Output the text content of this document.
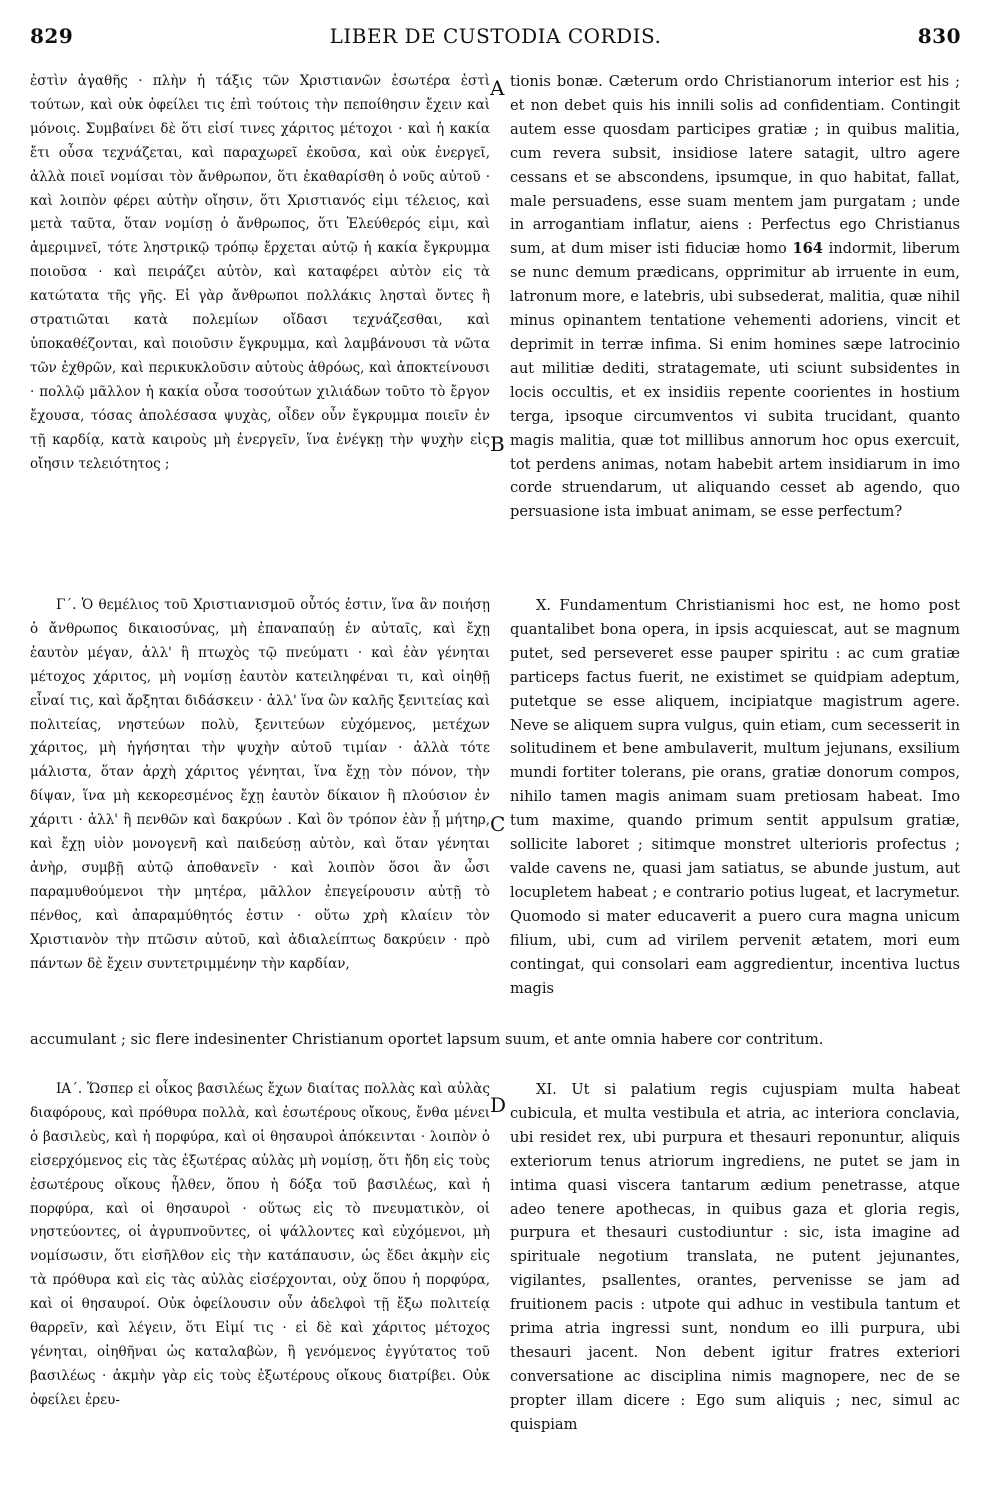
829	LIBER DE CUSTODIA CORDIS.	830
A
B
C
D

ἐστὶν ἀγαθῆς · πλὴν ἡ τάξις τῶν Χριστιανῶν ἐσωτέρα ἐστὶ τούτων, καὶ οὐκ ὀφείλει τις ἐπὶ τούτοις τὴν πεποίθησιν ἔχειν καὶ μόνοις. Συμβαίνει δὲ ὅτι εἰσί τινες χάριτος μέτοχοι · καὶ ἡ κακία ἔτι οὖσα τεχνάζεται, καὶ παραχωρεῖ ἐκοῦσα, καὶ οὐκ ἐνεργεῖ, ἀλλὰ ποιεῖ νομίσαι τὸν ἄνθρωπον, ὅτι ἐκαθαρίσθη ὁ νοῦς αὐτοῦ · καὶ λοιπὸν φέρει αὐτὴν οἴησιν, ὅτι Χριστιανός εἰμι τέλειος, καὶ μετὰ ταῦτα, ὅταν νομίσῃ ὁ ἄνθρωπος, ὅτι Ἐλεύθερός εἰμι, καὶ ἀμεριμνεῖ, τότε ληστρικῷ τρόπῳ ἔρχεται αὐτῷ ἡ κακία ἔγκρυμμα ποιοῦσα · καὶ πειράζει αὐτὸν, καὶ καταφέρει αὐτὸν εἰς τὰ κατώτατα τῆς γῆς. Εἰ γὰρ ἄνθρωποι πολλάκις λησταὶ ὄντες ἢ στρατιῶται κατὰ πολεμίων οἴδασι τεχνάζεσθαι, καὶ ὑποκαθέζονται, καὶ ποιοῦσιν ἔγκρυμμα, καὶ λαμβάνουσι τὰ νῶτα τῶν ἐχθρῶν, καὶ περικυκλοῦσιν αὐτοὺς ἀθρόως, καὶ ἀποκτείνουσι · πολλῷ μᾶλλον ἡ κακία οὖσα τοσούτων χιλιάδων τοῦτο τὸ ἔργον ἔχουσα, τόσας ἀπολέσασα ψυχὰς, οἶδεν οὖν ἔγκρυμμα ποιεῖν ἐν τῇ καρδίᾳ, κατὰ καιροὺς μὴ ἐνεργεῖν, ἵνα ἐνέγκῃ τὴν ψυχὴν εἰς οἴησιν τελειότητος ;

tionis bonæ. Cæterum ordo Christianorum interior est his ; et non debet quis his innili solis ad confidentiam. Contingit autem esse quosdam participes gratiæ ; in quibus malitia, cum revera subsit, insidiose latere satagit, ultro agere cessans et se abscondens, ipsumque, in quo habitat, fallat, male persuadens, esse suam mentem jam purgatam ; unde in arrogantiam inflatur, aiens : Perfectus ego Christianus sum, at dum miser isti fiduciæ homo 164 indormit, liberum se nunc demum prædicans, opprimitur ab irruente in eum, latronum more, e latebris, ubi subsederat, malitia, quæ nihil minus opinantem tentatione vehementi adoriens, vincit et deprimit in terræ infima. Si enim homines sæpe latrocinio aut militiæ dediti, stratagemate, uti sciunt subsidentes in locis occultis, et ex insidiis repente coorientes in hostium terga, ipsoque circumventos vi subita trucidant, quanto magis malitia, quæ tot millibus annorum hoc opus exercuit, tot perdens animas, notam habebit artem insidiarum in imo corde struendarum, ut aliquando cesset ab agendo, quo persuasione ista imbuat animam, se esse perfectum?

Γ΄. Ὁ θεμέλιος τοῦ Χριστιανισμοῦ οὗτός ἐστιν, ἵνα ἂν ποιήσῃ ὁ ἄνθρωπος δικαιοσύνας, μὴ ἐπαναπαύῃ ἐν αὐταῖς, καὶ ἔχῃ ἑαυτὸν μέγαν, ἀλλ' ἢ πτωχὸς τῷ πνεύματι · καὶ ἐὰν γένηται μέτοχος χάριτος, μὴ νομίσῃ ἑαυτὸν κατειληφέναι τι, καὶ οἰηθῇ εἶναί τις, καὶ ἄρξηται διδάσκειν · ἀλλ' ἵνα ὢν καλῆς ξενιτείας καὶ πολιτείας, νηστεύων πολὺ, ξενιτεύων εὐχόμενος, μετέχων χάριτος, μὴ ἡγήσηται τὴν ψυχὴν αὐτοῦ τιμίαν · ἀλλὰ τότε μάλιστα, ὅταν ἀρχὴ χάριτος γένηται, ἵνα ἔχῃ τὸν πόνον, τὴν δίψαν, ἵνα μὴ κεκορεσμένος ἔχῃ ἑαυτὸν δίκαιον ἢ πλούσιον ἐν χάριτι · ἀλλ' ἢ πενθῶν καὶ δακρύων . Καὶ ὃν τρόπον ἐὰν ᾖ μήτηρ, καὶ ἔχῃ υἱὸν μονογενῆ καὶ παιδεύσῃ αὐτὸν, καὶ ὅταν γένηται ἀνὴρ, συμβῇ αὐτῷ ἀποθανεῖν · καὶ λοιπὸν ὅσοι ἂν ὦσι παραμυθούμενοι τὴν μητέρα, μᾶλλον ἐπεγείρουσιν αὐτῇ τὸ πένθος, καὶ ἀπαραμύθητός ἐστιν · οὕτω χρὴ κλαίειν τὸν Χριστιανὸν τὴν πτῶσιν αὐτοῦ, καὶ ἀδιαλείπτως δακρύειν · πρὸ πάντων δὲ ἔχειν συντετριμμένην τὴν καρδίαν,

X. Fundamentum Christianismi hoc est, ne homo post quantalibet bona opera, in ipsis acquiescat, aut se magnum putet, sed perseveret esse pauper spiritu : ac cum gratiæ particeps factus fuerit, ne existimet se quidpiam adeptum, putetque se esse aliquem, incipiatque magistrum agere. Neve se aliquem supra vulgus, quin etiam, cum secesserit in solitudinem et bene ambulaverit, multum jejunans, exsilium mundi fortiter tolerans, pie orans, gratiæ donorum compos, nihilo tamen magis animam suam pretiosam habeat. Imo tum maxime, quando primum sentit appulsum gratiæ, sollicite laboret ; sitimque monstret ulterioris profectus ; valde cavens ne, quasi jam satiatus, se abunde justum, aut locupletem habeat ; e contrario potius lugeat, et lacrymetur. Quomodo si mater educaverit a puero cura magna unicum filium, ubi, cum ad virilem pervenit ætatem, mori eum contingat, qui consolari eam aggredientur, incentiva luctus magis

accumulant ; sic flere indesinenter Christianum oportet lapsum suum, et ante omnia habere cor contritum.

ΙΑ΄. Ὥσπερ εἰ οἶκος βασιλέως ἔχων διαίτας πολλὰς καὶ αὐλὰς διαφόρους, καὶ πρόθυρα πολλὰ, καὶ ἐσωτέρους οἴκους, ἔνθα μένει ὁ βασιλεὺς, καὶ ἡ πορφύρα, καὶ οἱ θησαυροὶ ἀπόκεινται · λοιπὸν ὁ εἰσερχόμενος εἰς τὰς ἐξωτέρας αὐλὰς μὴ νομίσῃ, ὅτι ἤδη εἰς τοὺς ἐσωτέρους οἴκους ἦλθεν, ὅπου ἡ δόξα τοῦ βασιλέως, καὶ ἡ πορφύρα, καὶ οἱ θησαυροὶ · οὕτως εἰς τὸ πνευματικὸν, οἱ νηστεύοντες, οἱ ἀγρυπνοῦντες, οἱ ψάλλοντες καὶ εὐχόμενοι, μὴ νομίσωσιν, ὅτι εἰσῆλθον εἰς τὴν κατάπαυσιν, ὡς ἔδει ἀκμὴν εἰς τὰ πρόθυρα καὶ εἰς τὰς αὐλὰς εἰσέρχονται, οὐχ ὅπου ἡ πορφύρα, καὶ οἱ θησαυροί. Οὐκ ὀφείλουσιν οὖν ἀδελφοὶ τῇ ἔξω πολιτείᾳ θαρρεῖν, καὶ λέγειν, ὅτι Εἰμί τις · εἰ δὲ καὶ χάριτος μέτοχος γένηται, οἰηθῆναι ὡς καταλαβὼν, ἢ γενόμενος ἐγγύτατος τοῦ βασιλέως · ἀκμὴν γὰρ εἰς τοὺς ἐξωτέρους οἴκους διατρίβει. Οὐκ ὀφείλει ἐρευ-

XI. Ut si palatium regis cujuspiam multa habeat cubicula, et multa vestibula et atria, ac interiora conclavia, ubi residet rex, ubi purpura et thesauri reponuntur, aliquis exteriorum tenus atriorum ingrediens, ne putet se jam in intima quasi viscera tantarum ædium penetrasse, atque adeo tenere apothecas, in quibus gaza et gloria regis, purpura et thesauri custodiuntur : sic, ista imagine ad spirituale negotium translata, ne putent jejunantes, vigilantes, psallentes, orantes, pervenisse se jam ad fruitionem pacis : utpote qui adhuc in vestibula tantum et prima atria ingressi sunt, nondum eo illi purpura, ubi thesauri jacent. Non debent igitur fratres exteriori conversatione ac disciplina nimis magnopere, nec de se propter illam dicere : Ego sum aliquis ; nec, simul ac quispiam
